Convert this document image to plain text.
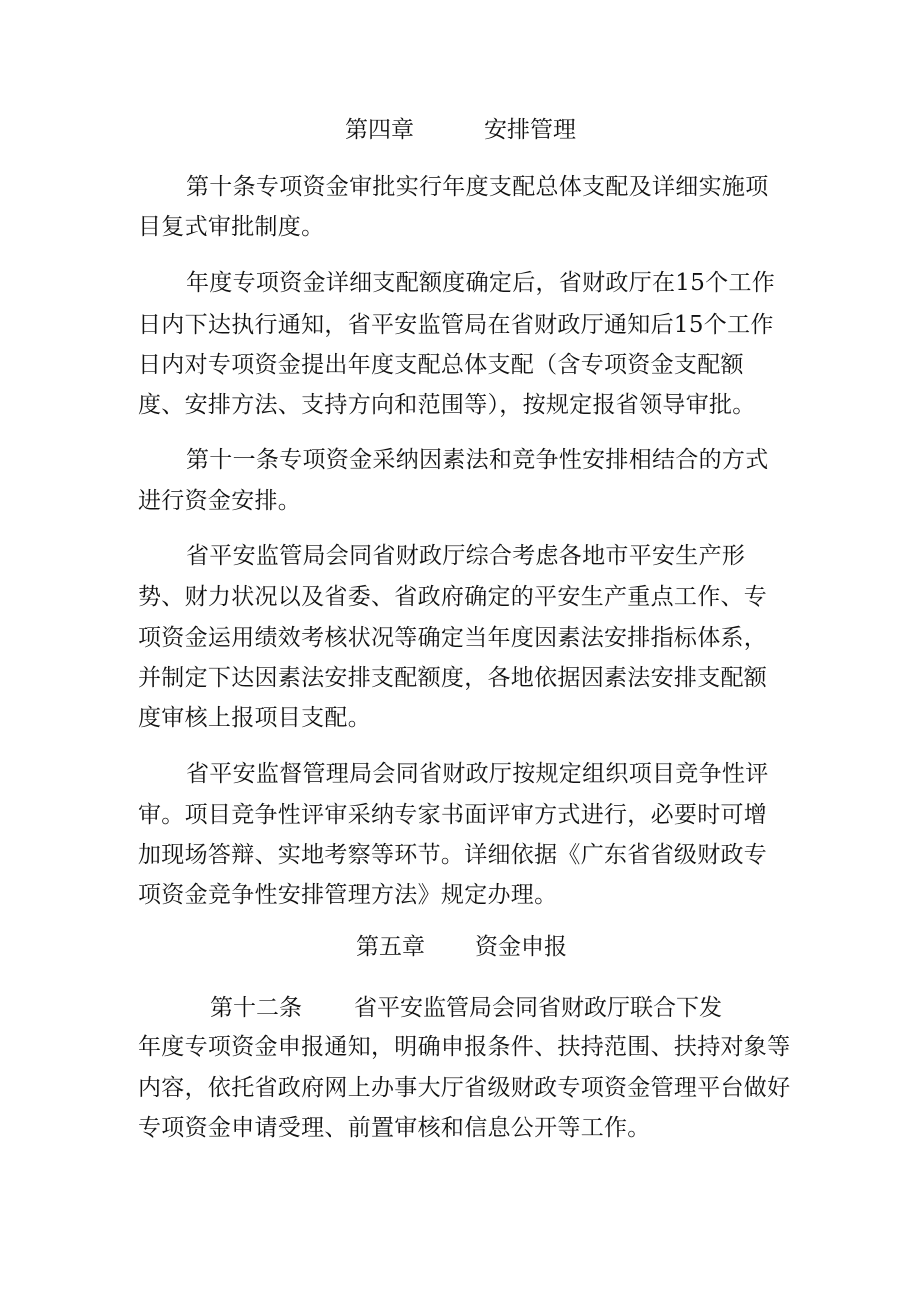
第四章	安排管理
第十条专项资金审批实行年度支配总体支配及详细实施项
目复式审批制度。
年度专项资金详细支配额度确定后，省财政厅在15个工作
日内下达执行通知，省平安监管局在省财政厅通知后15个工作
日内对专项资金提出年度支配总体支配（含专项资金支配额
度、安排方法、支持方向和范围等），按规定报省领导审批。
第十一条专项资金采纳因素法和竞争性安排相结合的方式
进行资金安排。
省平安监管局会同省财政厅综合考虑各地市平安生产形
势、财力状况以及省委、省政府确定的平安生产重点工作、专
项资金运用绩效考核状况等确定当年度因素法安排指标体系，
并制定下达因素法安排支配额度，各地依据因素法安排支配额
度审核上报项目支配。
省平安监督管理局会同省财政厅按规定组织项目竞争性评
审。项目竞争性评审采纳专家书面评审方式进行，必要时可增
加现场答辩、实地考察等环节。详细依据《广东省省级财政专
项资金竞争性安排管理方法》规定办理。
第五章 资金申报
第十二条 省平安监管局会同省财政厅联合下发
年度专项资金申报通知，明确申报条件、扶持范围、扶持对象等
内容，依托省政府网上办事大厅省级财政专项资金管理平台做好
专项资金申请受理、前置审核和信息公开等工作。
